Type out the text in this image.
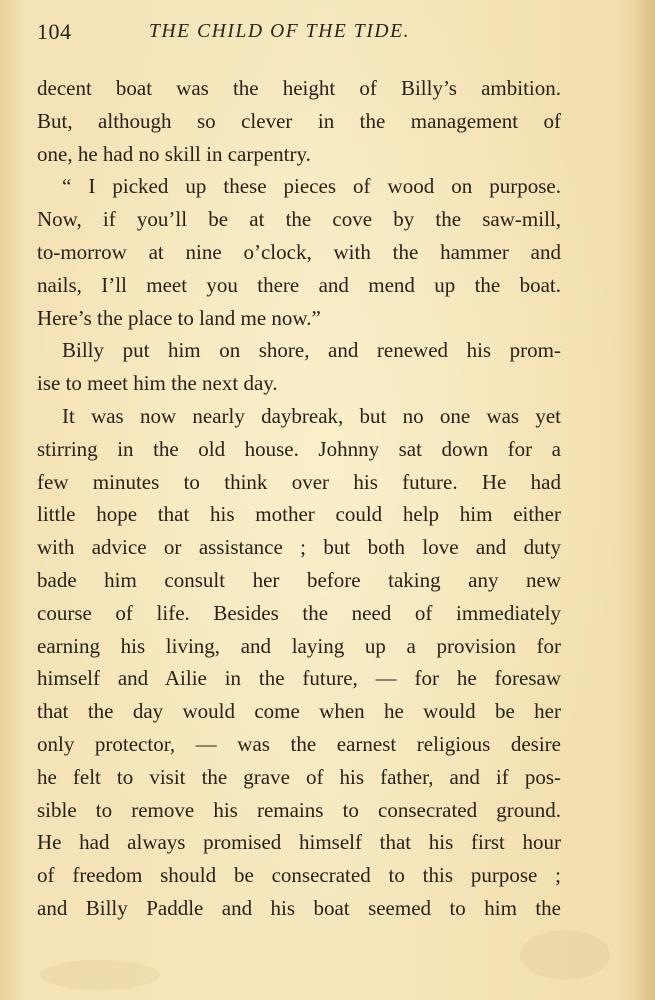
104	THE CHILD OF THE TIDE.
decent boat was the height of Billy’s ambition.
But, although so clever in the management of
one, he had no skill in carpentry.
“ I picked up these pieces of wood on purpose.
Now, if you’ll be at the cove by the saw-mill,
to-morrow at nine o’clock, with the hammer and
nails, I’ll meet you there and mend up the boat.
Here’s the place to land me now.”
Billy put him on shore, and renewed his prom-
ise to meet him the next day.
It was now nearly daybreak, but no one was yet
stirring in the old house. Johnny sat down for a
few minutes to think over his future. He had
little hope that his mother could help him either
with advice or assistance ; but both love and duty
bade him consult her before taking any new
course of life. Besides the need of immediately
earning his living, and laying up a provision for
himself and Ailie in the future, — for he foresaw
that the day would come when he would be her
only protector, — was the earnest religious desire
he felt to visit the grave of his father, and if pos-
sible to remove his remains to consecrated ground.
He had always promised himself that his first hour
of freedom should be consecrated to this purpose ;
and Billy Paddle and his boat seemed to him the
